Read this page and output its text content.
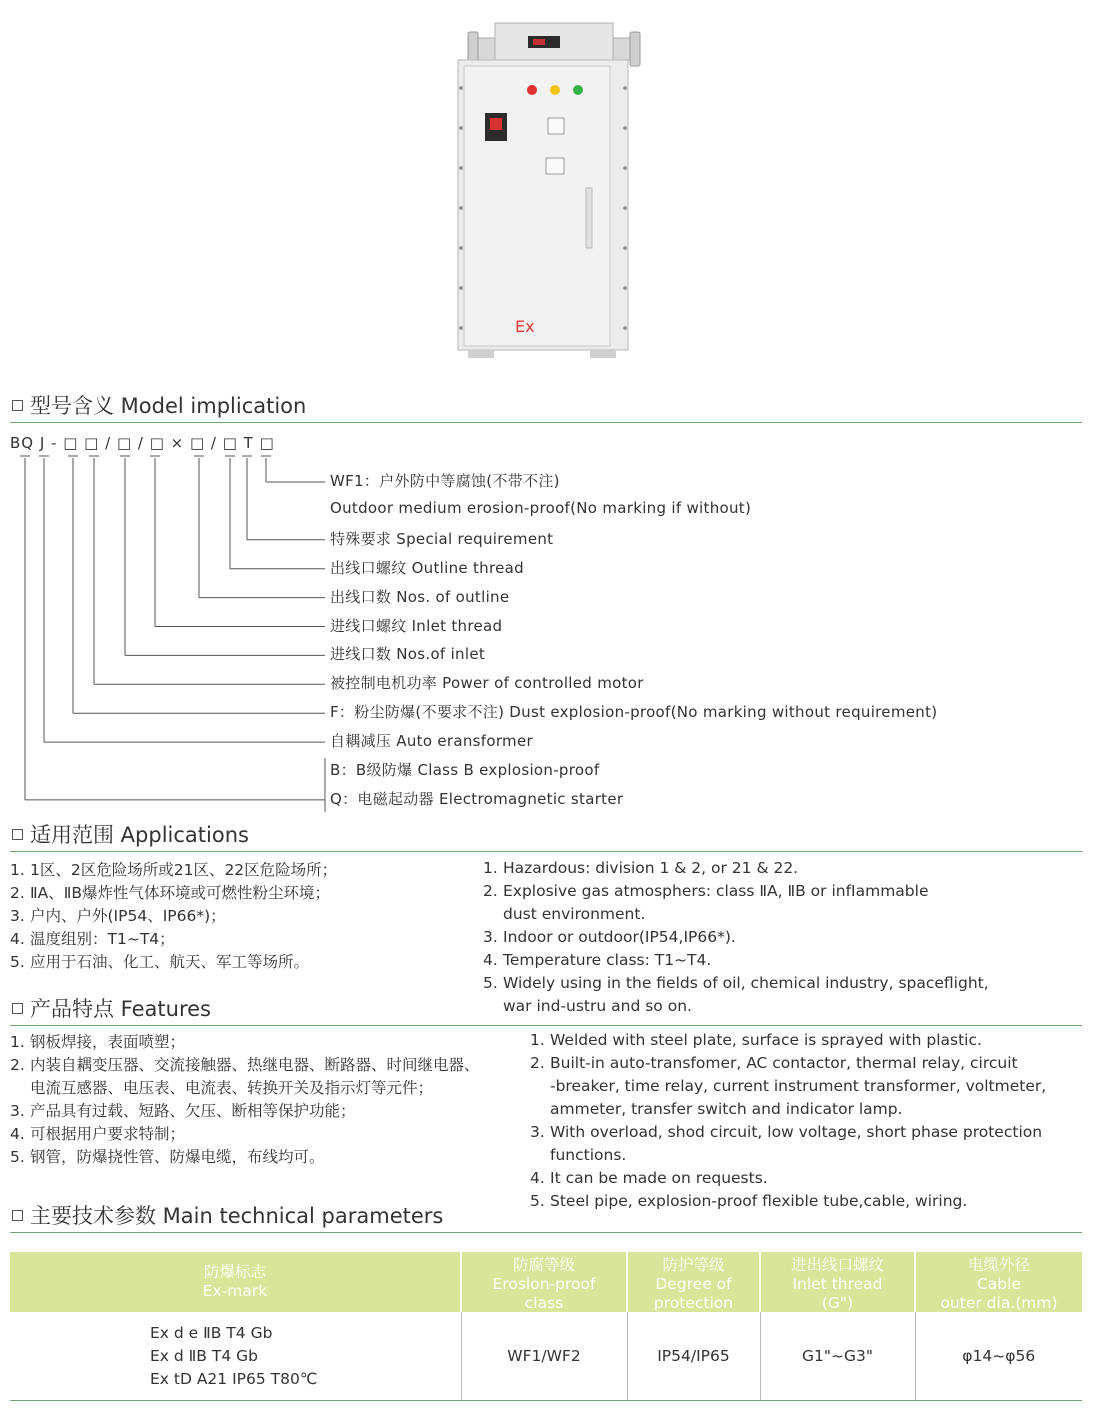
Ex
型号含义 Model implication
BQ J - □ □ / □ / □ × □ / □ T □
WF1：户外防中等腐蚀(不带不注)
Outdoor medium erosion-proof(No marking if without)
特殊要求 Special requirement
出线口螺纹 Outline thread
出线口数 Nos. of outline
进线口螺纹 Inlet thread
进线口数 Nos.of inlet
被控制电机功率 Power of controlled motor
F：粉尘防爆(不要求不注) Dust explosion-proof(No marking without requirement)
自耦减压 Auto eransformer
B：B级防爆 Class B explosion-proof
Q：电磁起动器 Electromagnetic starter
适用范围 Applications
1. 1区、2区危险场所或21区、22区危险场所；
2. ⅡA、ⅡB爆炸性气体环境或可燃性粉尘环境；
3. 户内、户外(IP54、IP66*)；
4. 温度组别：T1~T4；
5. 应用于石油、化工、航天、军工等场所。
1. Hazardous: division 1 & 2, or 21 & 22.
2. Explosive gas atmosphers: class ⅡA, ⅡB or infIammable
dust environment.
3. Indoor or outdoor(IP54,IP66*).
4. Temperature class: T1~T4.
5. Widely using in the fields of oil, chemical industry, spaceflight,
war ind-ustru and so on.
产品特点 Features
1. 钢板焊接，表面喷塑；
2. 内装自耦变压器、交流接触器、热继电器、断路器、时间继电器、
电流互感器、电压表、电流表、转换开关及指示灯等元件；
3. 产品具有过载、短路、欠压、断相等保护功能；
4. 可根据用户要求特制；
5. 钢管，防爆挠性管、防爆电缆，布线均可。
1. Welded with steel plate, surface is sprayed with plastic.
2. Built-in auto-transfomer, AC contactor, thermaI relay, circuit
-breaker, time relay, current instrument transformer, voltmeter,
ammeter, transfer switch and indicator lamp.
3. With overload, shod circuit, low voltage, short phase protection
functions.
4. It can be made on requests.
5. Steel pipe, explosion-proof flexible tube,cable, wiring.
主要技术参数 Main technical parameters
防爆标志
Ex-mark	防腐等级
Erosion-proof
class	防护等级
Degree of
protection	进出线口螺纹
Inlet thread
(G")	电缆外径
Cable
outer dia.(mm)

Ex d e ⅡB T4 Gb
Ex d ⅡB T4 Gb
Ex tD A21 IP65 T80℃	WF1/WF2	IP54/IP65	G1"~G3"	φ14~φ56
